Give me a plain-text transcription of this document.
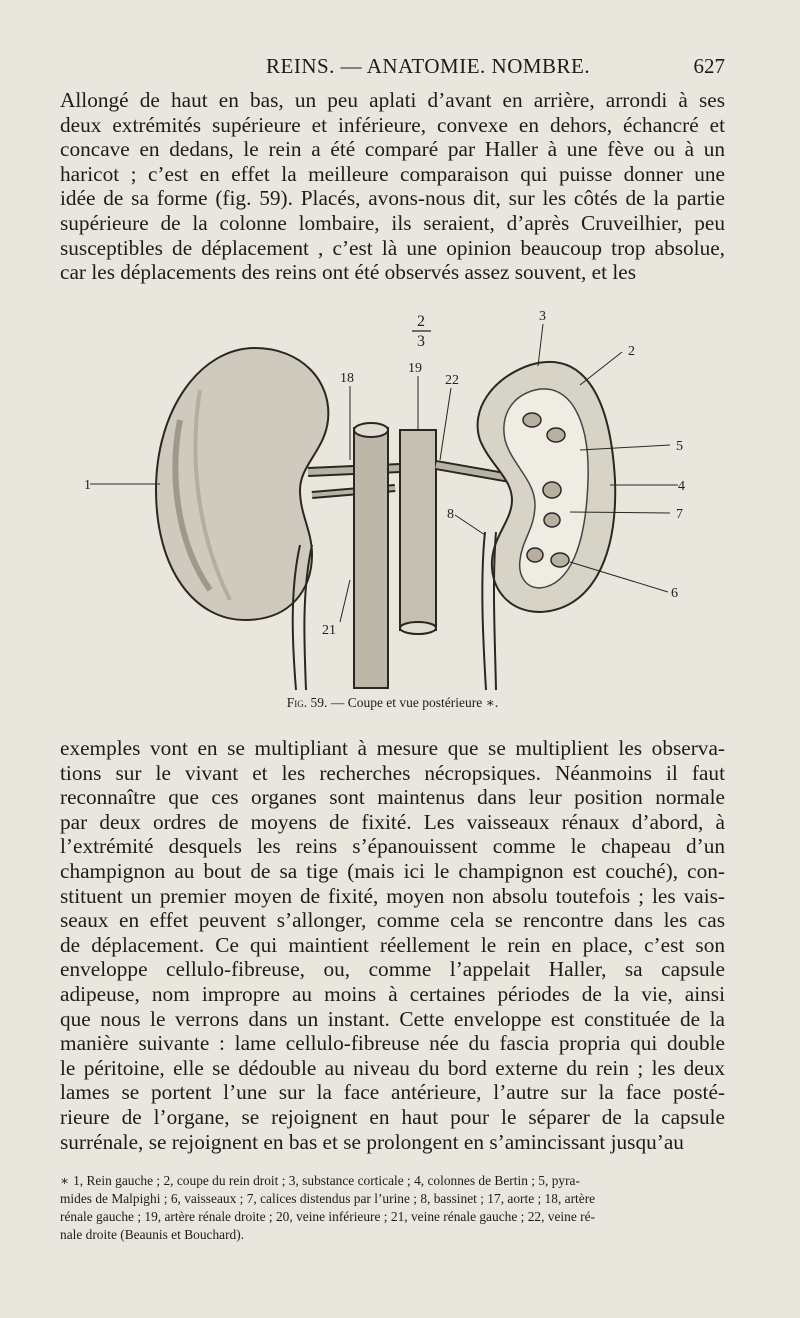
REINS. — ANATOMIE. NOMBRE.	627
Allongé de haut en bas, un peu aplati d’avant en arrière, arrondi à ses
deux extrémités supérieure et inférieure, convexe en dehors, échancré et
concave en dedans, le rein a été comparé par Haller à une fève ou à un
haricot ; c’est en effet la meilleure comparaison qui puisse donner une
idée de sa forme (fig. 59). Placés, avons-nous dit, sur les côtés de la partie
supérieure de la colonne lombaire, ils seraient, d’après Cruveilhier, peu
susceptibles de déplacement , c’est là une opinion beaucoup trop absolue,
car les déplacements des reins ont été observés assez souvent, et les
2
3
1
2
3
4
5
6
7
8
18
19
21
22
Fig. 59. — Coupe et vue postérieure ∗.
exemples vont en se multipliant à mesure que se multiplient les observa-
tions sur le vivant et les recherches nécropsiques. Néanmoins il faut
reconnaître que ces organes sont maintenus dans leur position normale
par deux ordres de moyens de fixité. Les vaisseaux rénaux d’abord, à
l’extrémité desquels les reins s’épanouissent comme le chapeau d’un
champignon au bout de sa tige (mais ici le champignon est couché), con-
stituent un premier moyen de fixité, moyen non absolu toutefois ; les vais-
seaux en effet peuvent s’allonger, comme cela se rencontre dans les cas
de déplacement. Ce qui maintient réellement le rein en place, c’est son
enveloppe cellulo-fibreuse, ou, comme l’appelait Haller, sa capsule
adipeuse, nom impropre au moins à certaines périodes de la vie, ainsi
que nous le verrons dans un instant. Cette enveloppe est constituée de la
manière suivante : lame cellulo-fibreuse née du fascia propria qui double
le péritoine, elle se dédouble au niveau du bord externe du rein ; les deux
lames se portent l’une sur la face antérieure, l’autre sur la face posté-
rieure de l’organe, se rejoignent en haut pour le séparer de la capsule
surrénale, se rejoignent en bas et se prolongent en s’amincissant jusqu’au
∗ 1, Rein gauche ; 2, coupe du rein droit ; 3, substance corticale ; 4, colonnes de Bertin ; 5, pyra-
mides de Malpighi ; 6, vaisseaux ; 7, calices distendus par l’urine ; 8, bassinet ; 17, aorte ; 18, artère
rénale gauche ; 19, artère rénale droite ; 20, veine inférieure ; 21, veine rénale gauche ; 22, veine ré-
nale droite (Beaunis et Bouchard).
